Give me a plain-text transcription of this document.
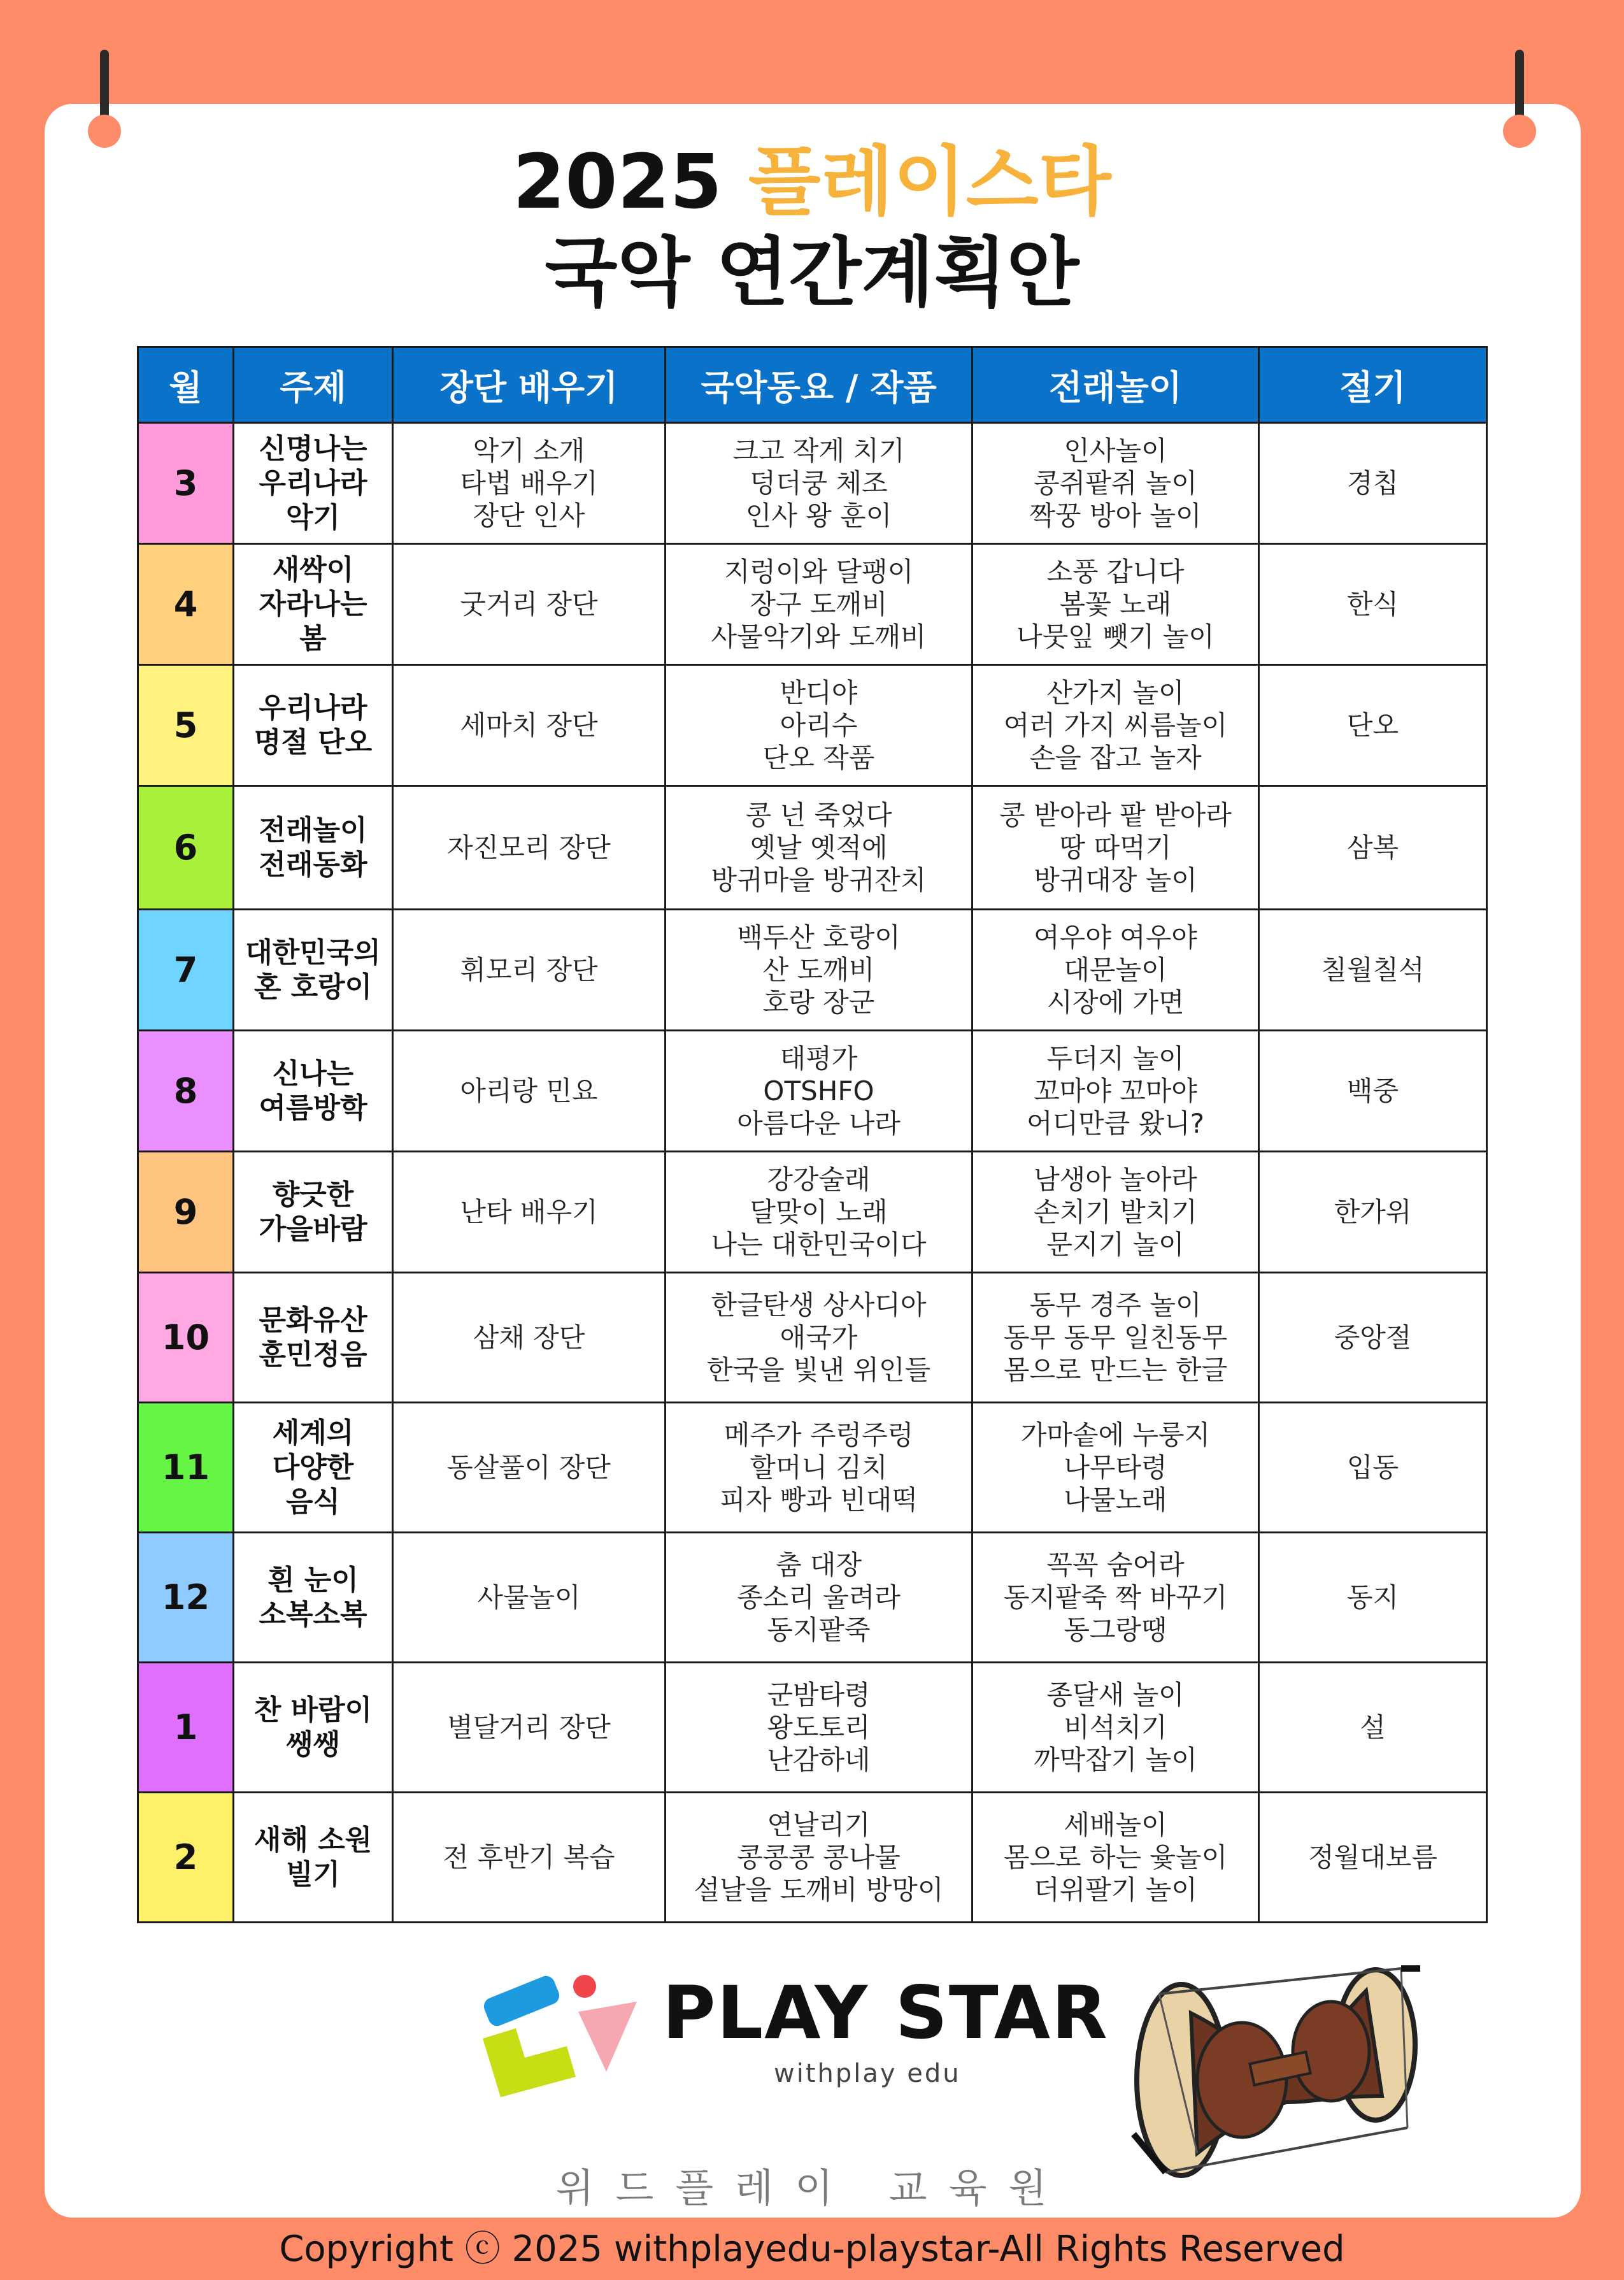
2025 플레이스타
국악 연간계획안
월	주제	장단 배우기	국악동요 / 작품	전래놀이	절기
3	신명나는
우리나라
악기	악기 소개
타법 배우기
장단 인사	크고 작게 치기
덩더쿵 체조
인사 왕 훈이	인사놀이
콩쥐팥쥐 놀이
짝꿍 방아 놀이	경칩
4	새싹이
자라나는
봄	굿거리 장단	지렁이와 달팽이
장구 도깨비
사물악기와 도깨비	소풍 갑니다
봄꽃 노래
나뭇잎 뺏기 놀이	한식
5	우리나라
명절 단오	세마치 장단	반디야
아리수
단오 작품	산가지 놀이
여러 가지 씨름놀이
손을 잡고 놀자	단오
6	전래놀이
전래동화	자진모리 장단	콩 넌 죽었다
옛날 옛적에
방귀마을 방귀잔치	콩 받아라 팥 받아라
땅 따먹기
방귀대장 놀이	삼복
7	대한민국의
혼 호랑이	휘모리 장단	백두산 호랑이
산 도깨비
호랑 장군	여우야 여우야
대문놀이
시장에 가면	칠월칠석
8	신나는
여름방학	아리랑 민요	태평가
OTSHFO
아름다운 나라	두더지 놀이
꼬마야 꼬마야
어디만큼 왔니?	백중
9	향긋한
가을바람	난타 배우기	강강술래
달맞이 노래
나는 대한민국이다	남생아 놀아라
손치기 발치기
문지기 놀이	한가위
10	문화유산
훈민정음	삼채 장단	한글탄생 상사디아
애국가
한국을 빛낸 위인들	동무 경주 놀이
동무 동무 일친동무
몸으로 만드는 한글	중앙절
11	세계의
다양한
음식	동살풀이 장단	메주가 주렁주렁
할머니 김치
피자 빵과 빈대떡	가마솥에 누룽지
나무타령
나물노래	입동
12	흰 눈이
소복소복	사물놀이	춤 대장
종소리 울려라
동지팥죽	꼭꼭 숨어라
동지팥죽 짝 바꾸기
동그랑땡	동지
1	찬 바람이
쌩쌩	별달거리 장단	군밤타령
왕도토리
난감하네	종달새 놀이
비석치기
까막잡기 놀이	설
2	새해 소원
빌기	전 후반기 복습	연날리기
콩콩콩 콩나물
설날을 도깨비 방망이	세배놀이
몸으로 하는 윷놀이
더위팔기 놀이	정월대보름
PLAY STAR
withplay edu
위드플레이 교육원
Copyright ⓒ 2025 withplayedu-playstar-All Rights Reserved
